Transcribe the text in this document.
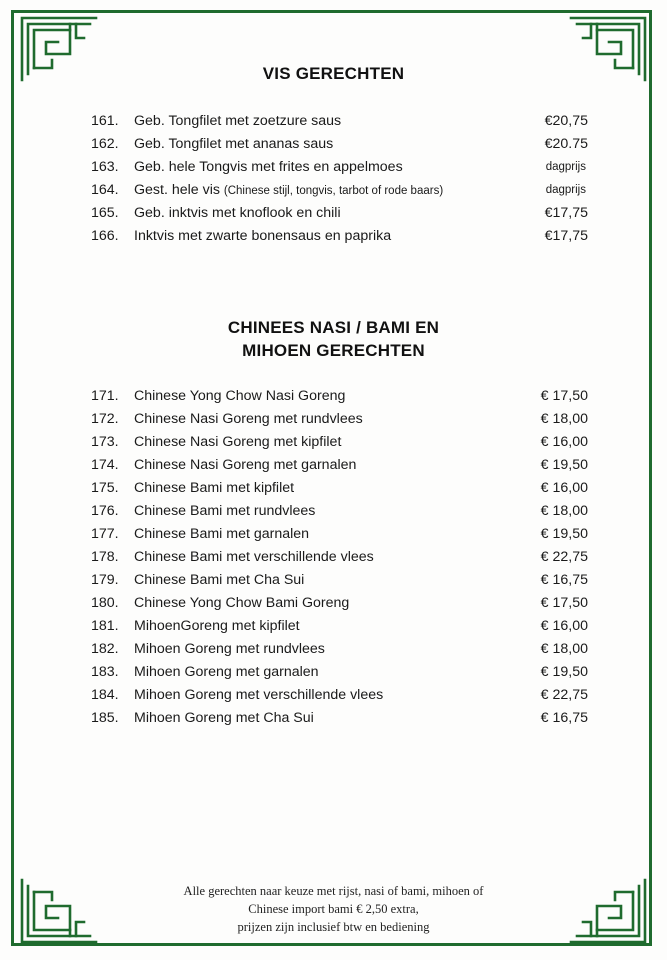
VIS GERECHTEN
161.	Geb. Tongfilet met zoetzure saus	€20,75
162.	Geb. Tongfilet met ananas saus	€20.75
163.	Geb. hele Tongvis met frites en appelmoes	dagprijs
164.	Gest. hele vis (Chinese stijl, tongvis, tarbot of rode baars)	dagprijs
165.	Geb. inktvis met knoflook en chili	€17,75
166.	Inktvis met zwarte bonensaus en paprika	€17,75
CHINEES NASI / BAMI EN
MIHOEN GERECHTEN
171.	Chinese Yong Chow Nasi Goreng	€ 17,50
172.	Chinese Nasi Goreng met rundvlees	€ 18,00
173.	Chinese Nasi Goreng met kipfilet	€ 16,00
174.	Chinese Nasi Goreng met garnalen	€ 19,50
175.	Chinese Bami met kipfilet	€ 16,00
176.	Chinese Bami met rundvlees	€ 18,00
177.	Chinese Bami met garnalen	€ 19,50
178.	Chinese Bami met verschillende vlees	€ 22,75
179.	Chinese Bami met Cha Sui	€ 16,75
180.	Chinese Yong Chow Bami Goreng	€ 17,50
181.	MihoenGoreng met kipfilet	€ 16,00
182.	Mihoen Goreng met rundvlees	€ 18,00
183.	Mihoen Goreng met garnalen	€ 19,50
184.	Mihoen Goreng met verschillende vlees	€ 22,75
185.	Mihoen Goreng met Cha Sui	€ 16,75
Alle gerechten naar keuze met rijst, nasi of bami, mihoen of
Chinese import bami € 2,50 extra,
prijzen zijn inclusief btw en bediening
